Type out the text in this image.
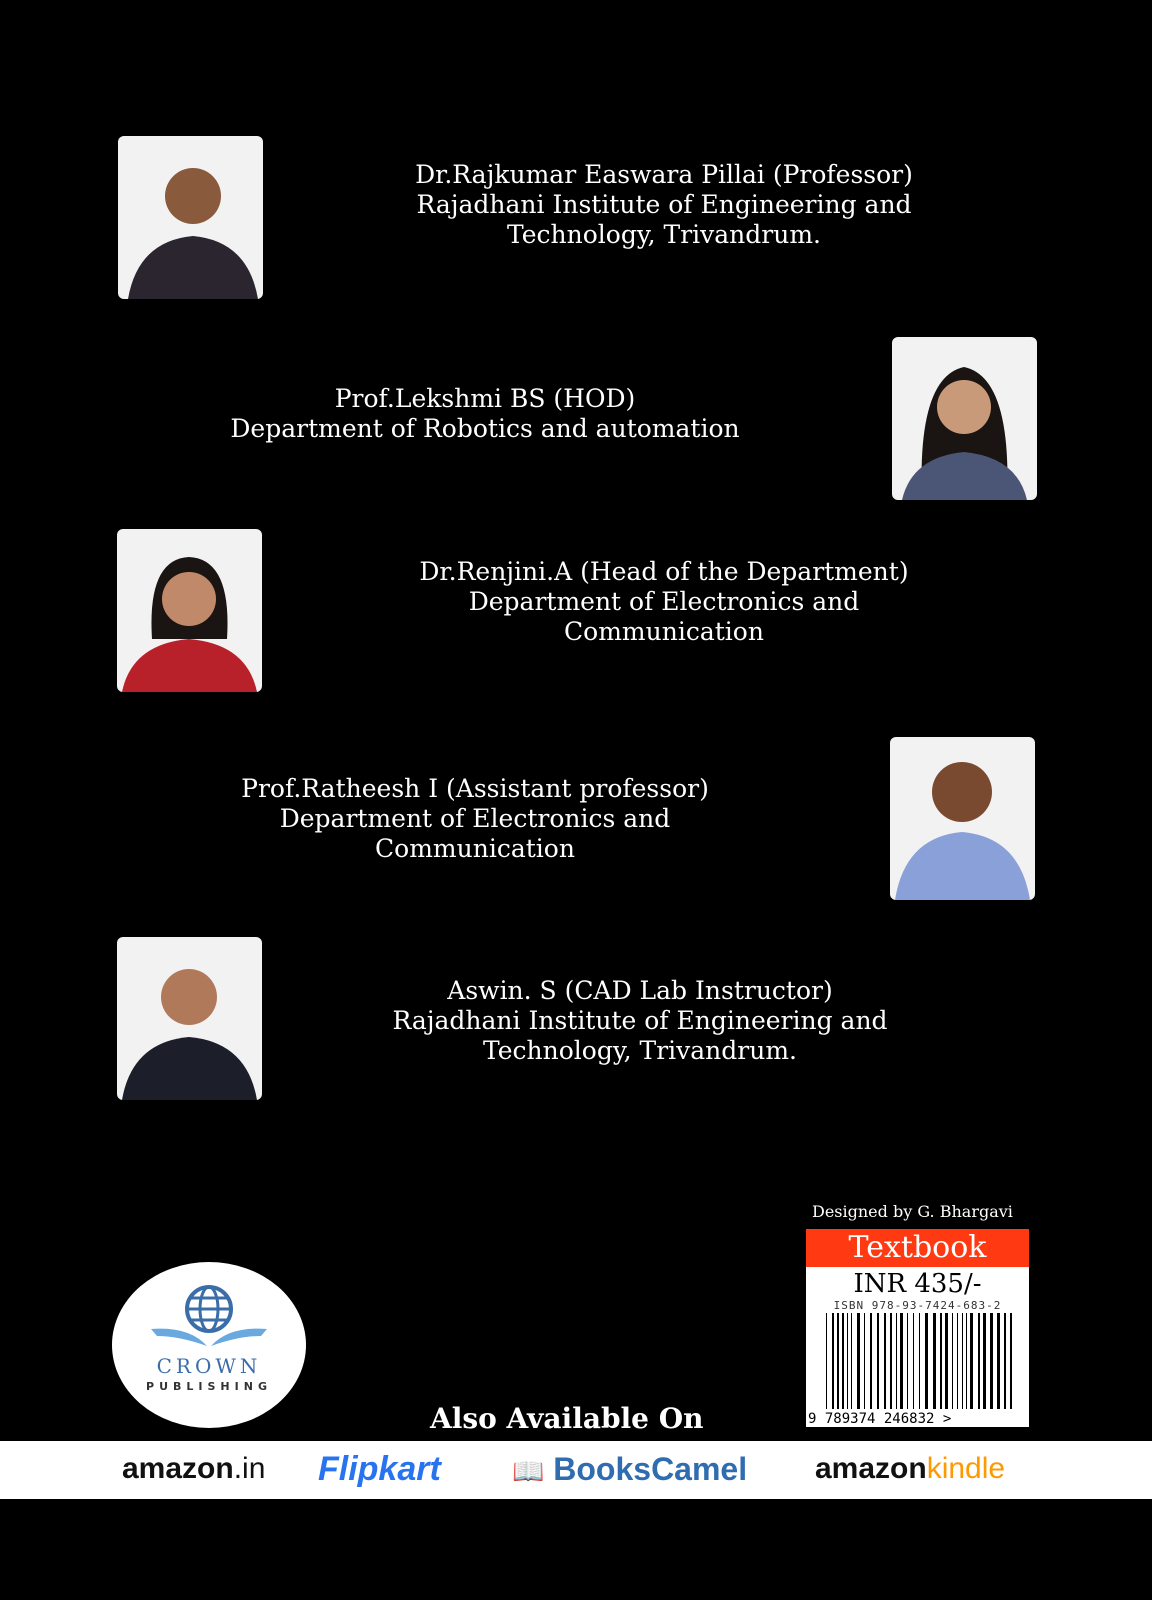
Dr.Rajkumar Easwara Pillai (Professor)
Rajadhani Institute of Engineering and
Technology, Trivandrum.
Prof.Lekshmi BS (HOD)
Department of Robotics and automation
Dr.Renjini.A (Head of the Department)
Department of Electronics and
Communication
Prof.Ratheesh I (Assistant professor)
Department of Electronics and
Communication
Aswin. S (CAD Lab Instructor)
Rajadhani Institute of Engineering and
Technology, Trivandrum.
Designed by G. Bhargavi
Textbook
INR 435/-
ISBN 978-93-7424-683-2
9 789374 246832 >
CROWN
PUBLISHING
Also Available On
amazon.in Flipkart	📖 BooksCamel amazonkindle
